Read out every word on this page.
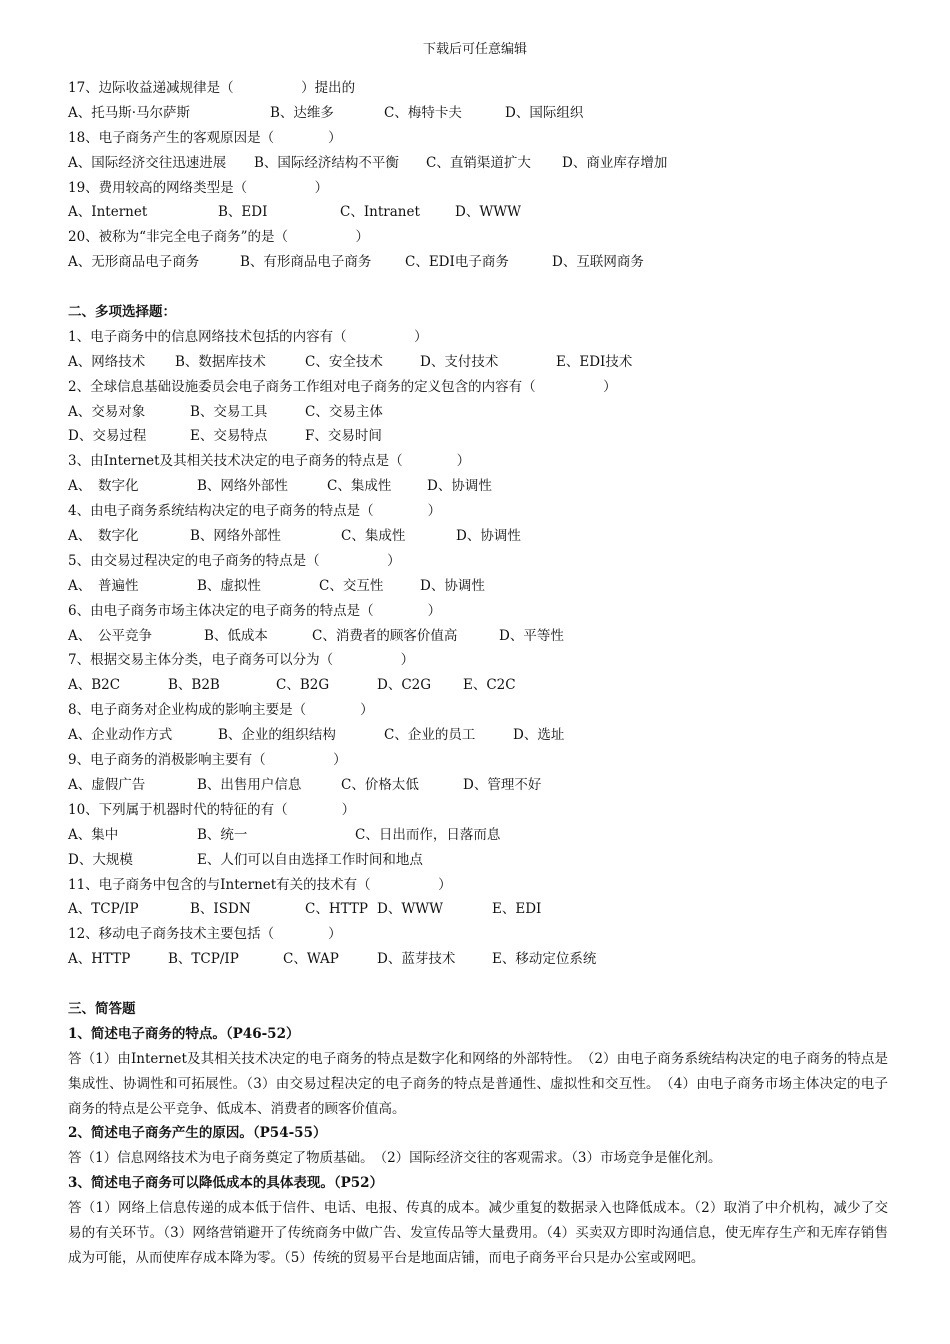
下载后可任意编辑
17、边际收益递减规律是（　　　　　）提出的
A、托马斯·马尔萨斯	B、达维多	C、梅特卡夫	D、国际组织
18、电子商务产生的客观原因是（　　　　）
A、国际经济交往迅速进展 B、国际经济结构不平衡 C、直销渠道扩大 D、商业库存增加
19、费用较高的网络类型是（　　　　　）
A、Internet	B、EDI	C、Intranet	D、WWW
20、被称为“非完全电子商务”的是（　　　　　）
A、无形商品电子商务	B、有形商品电子商务 C、EDI电子商务	D、互联网商务
二、多项选择题：
1、电子商务中的信息网络技术包括的内容有（　　　　　）
A、网络技术 B、数据库技术	C、安全技术	D、支付技术	E、EDI技术
2、全球信息基础设施委员会电子商务工作组对电子商务的定义包含的内容有（　　　　　）
A、交易对象	B、交易工具	C、交易主体
D、交易过程	E、交易特点	F、交易时间
3、由Internet及其相关技术决定的电子商务的特点是（　　　　）
A、　数字化	B、网络外部性	C、集成性	D、协调性
4、由电子商务系统结构决定的电子商务的特点是（　　　　）
A、　数字化	B、网络外部性	C、集成性	D、协调性
5、由交易过程决定的电子商务的特点是（　　　　　）
A、　普遍性	B、虚拟性	C、交互性	D、协调性
6、由电子商务市场主体决定的电子商务的特点是（　　　　）
A、　公平竞争	B、低成本	C、消费者的顾客价值高	D、平等性
7、根据交易主体分类，电子商务可以分为（　　　　　）
A、B2C	B、B2B	C、B2G	D、C2G E、C2C
8、电子商务对企业构成的影响主要是（　　　　）
A、企业动作方式	B、企业的组织结构	C、企业的员工	D、选址
9、电子商务的消极影响主要有（　　　　　）
A、虚假广告	B、出售用户信息	C、价格太低	D、管理不好
10、下列属于机器时代的特征的有（　　　　）
A、集中	B、统一	C、日出而作，日落而息
D、大规模	E、人们可以自由选择工作时间和地点
11、电子商务中包含的与Internet有关的技术有（　　　　　）
A、TCP/IP	B、ISDN	C、HTTP D、WWW	E、EDI
12、移动电子商务技术主要包括（　　　　）
A、HTTP	B、TCP/IP	C、WAP	D、蓝芽技术	E、移动定位系统
三、简答题
1、简述电子商务的特点。（P46-52）
答（1）由Internet及其相关技术决定的电子商务的特点是数字化和网络的外部特性。　（2）由电子商务系统结构决定的电子商务的特点是集成性、协调性和可拓展性。（3）由交易过程决定的电子商务的特点是普通性、虚拟性和交互性。　（4）由电子商务市场主体决定的电子商务的特点是公平竞争、低成本、消费者的顾客价值高。
2、简述电子商务产生的原因。（P54-55）
答（1）信息网络技术为电子商务奠定了物质基础。　（2）国际经济交往的客观需求。（3）市场竞争是催化剂。
3、简述电子商务可以降低成本的具体表现。（P52）
答（1）网络上信息传递的成本低于信件、电话、电报、传真的成本。减少重复的数据录入也降低成本。（2）取消了中介机构，减少了交易的有关环节。（3）网络营销避开了传统商务中做广告、发宣传品等大量费用。（4）买卖双方即时沟通信息，使无库存生产和无库存销售成为可能，从而使库存成本降为零。（5）传统的贸易平台是地面店铺，而电子商务平台只是办公室或网吧。
